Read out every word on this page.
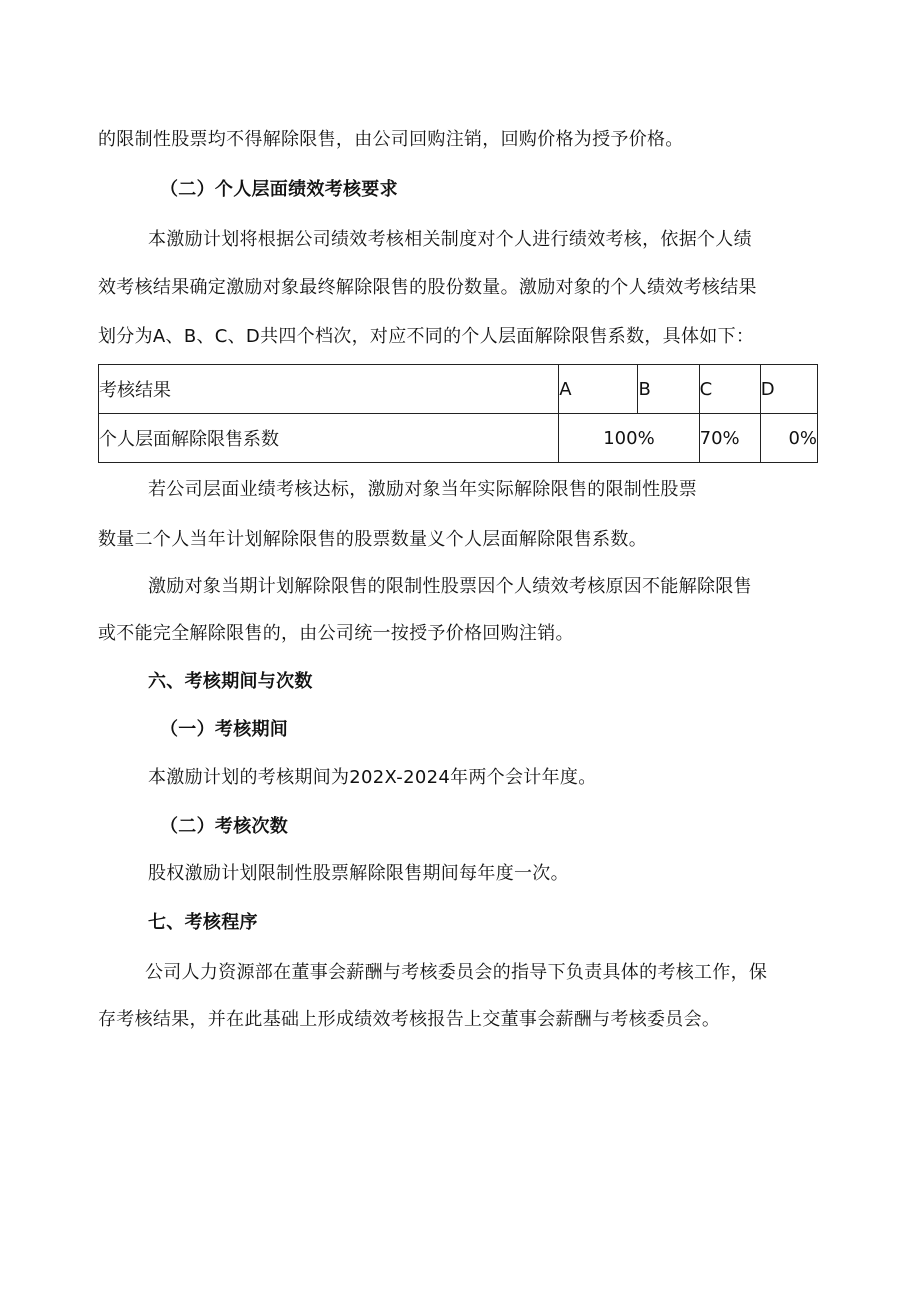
的限制性股票均不得解除限售，由公司回购注销，回购价格为授予价格。
（二）个人层面绩效考核要求
本激励计划将根据公司绩效考核相关制度对个人进行绩效考核，依据个人绩
效考核结果确定激励对象最终解除限售的股份数量。激励对象的个人绩效考核结果
划分为A、B、C、D共四个档次，对应不同的个人层面解除限售系数，具体如下：
考核结果	A	B	C	D
个人层面解除限售系数	100%		70%	0%
若公司层面业绩考核达标，激励对象当年实际解除限售的限制性股票
数量二个人当年计划解除限售的股票数量义个人层面解除限售系数。
激励对象当期计划解除限售的限制性股票因个人绩效考核原因不能解除限售
或不能完全解除限售的，由公司统一按授予价格回购注销。
六、考核期间与次数
（一）考核期间
本激励计划的考核期间为202X-2024年两个会计年度。
（二）考核次数
股权激励计划限制性股票解除限售期间每年度一次。
七、考核程序
公司人力资源部在董事会薪酬与考核委员会的指导下负责具体的考核工作，保
存考核结果，并在此基础上形成绩效考核报告上交董事会薪酬与考核委员会。
